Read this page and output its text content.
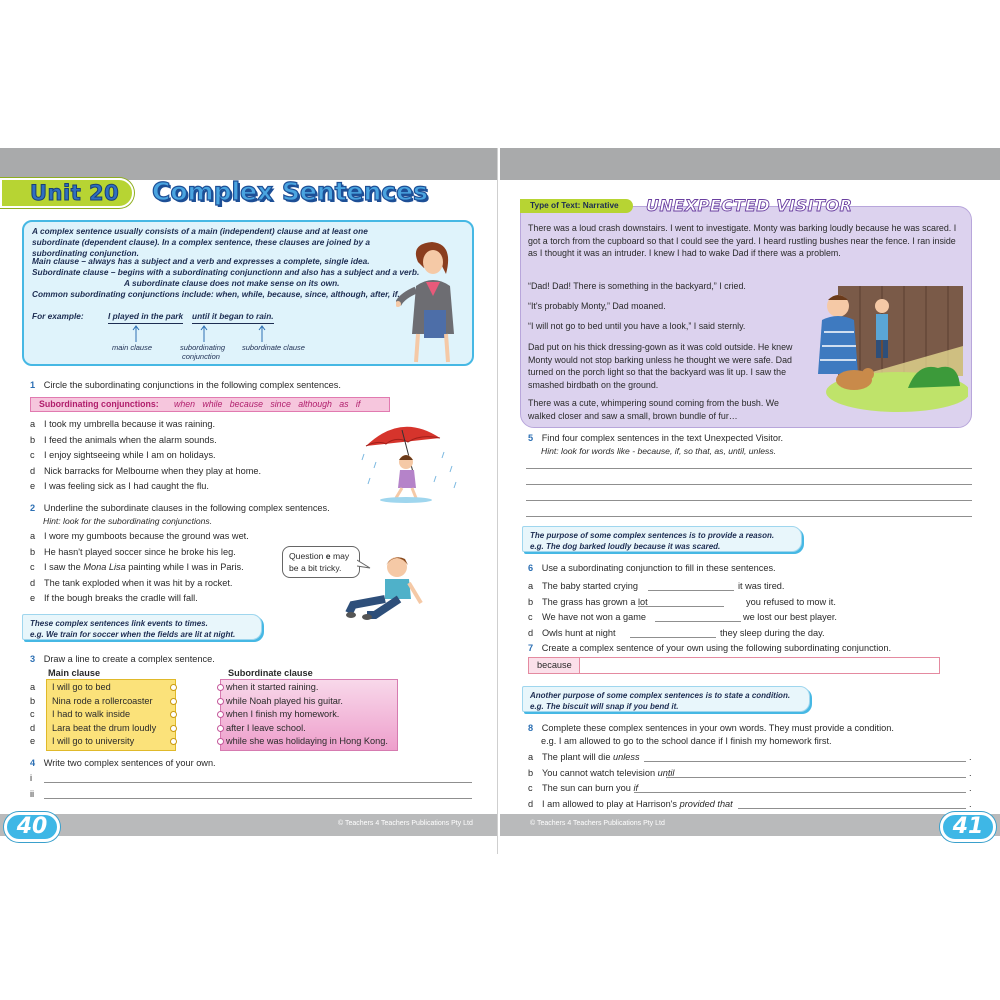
Unit 20 Complex Sentences
A complex sentence usually consists of a main (independent) clause and at least one subordinate (dependent clause). In a complex sentence, these clauses are joined by a subordinating conjunction.
Main clause – always has a subject and a verb and expresses a complete, single idea.
Subordinate clause – begins with a subordinating conjunctionn and also has a subject and a verb.
A subordinate clause does not make sense on its own.
Common subordinating conjunctions include: when, while, because, since, although, after, if.
For example:	I played in the park until it began to rain.
main clause	subordinating
conjunction
subordinate clause
1 Circle the subordinating conjunctions in the following complex sentences.
Subordinating conjunctions: when   while   because   since   although   as   if
a I took my umbrella because it was raining.
b I feed the animals when the alarm sounds.
c I enjoy sightseeing while I am on holidays.
d Nick barracks for Melbourne when they play at home.
e I was feeling sick as I had caught the flu.
2 Underline the subordinate clauses in the following complex sentences.
Hint: look for the subordinating conjunctions.
a I wore my gumboots because the ground was wet.
b He hasn't played soccer since he broke his leg.
c I saw the Mona Lisa painting while I was in Paris.
d The tank exploded when it was hit by a rocket.
e If the bough breaks the cradle will fall.
Question e may be a bit tricky.
These complex sentences link events to times.
e.g. We train for soccer when the fields are lit at night.
3 Draw a line to create a complex sentence.
Main clause	Subordinate clause
a I will go to bed	when it started raining.
b Nina rode a rollercoaster	while Noah played his guitar.
c I had to walk inside	when I finish my homework.
d Lara beat the drum loudly	after I leave school.
e I will go to university	while she was holidaying in Hong Kong.
4 Write two complex sentences of your own.
i
ii
© Teachers 4 Teachers Publications Pty Ltd
40
Type of Text: Narrative UNEXPECTED VISITOR
There was a loud crash downstairs. I went to investigate. Monty was barking loudly because he was scared. I got a torch from the cupboard so that I could see the yard. I heard rustling bushes near the fence. I ran inside as I thought it was an intruder. I knew I had to wake Dad if there was a problem.
“Dad! Dad! There is something in the backyard,” I cried.
“It's probably Monty,” Dad moaned.
“I will not go to bed until you have a look,” I said sternly.
Dad put on his thick dressing-gown as it was cold outside. He knew Monty would not stop barking unless he thought we were safe. Dad turned on the porch light so that the backyard was lit up. I saw the smashed birdbath on the ground.
There was a cute, whimpering sound coming from the bush. We walked closer and saw a small, brown bundle of fur…
5 Find four complex sentences in the text Unexpected Visitor.
Hint: look for words like - because, if, so that, as, until, unless.
The purpose of some complex sentences is to provide a reason.
e.g. The dog barked loudly because it was scared.
6 Use a subordinating conjunction to fill in these sentences.
a The baby started crying	it was tired.
b The grass has grown a lot	you refused to mow it.
c We have not won a game	we lost our best player.
d Owls hunt at night	they sleep during the day.
7 Create a complex sentence of your own using the following subordinating conjunction.
because
Another purpose of some complex sentences is to state a condition.
e.g. The biscuit will snap if you bend it.
8 Complete these complex sentences in your own words. They must provide a condition.
e.g. I am allowed to go to the school dance if I finish my homework first.
a The plant will die unless	.
b You cannot watch television until	.
c The sun can burn you if	.
d I am allowed to play at Harrison's provided that	.
© Teachers 4 Teachers Publications Pty Ltd	41
